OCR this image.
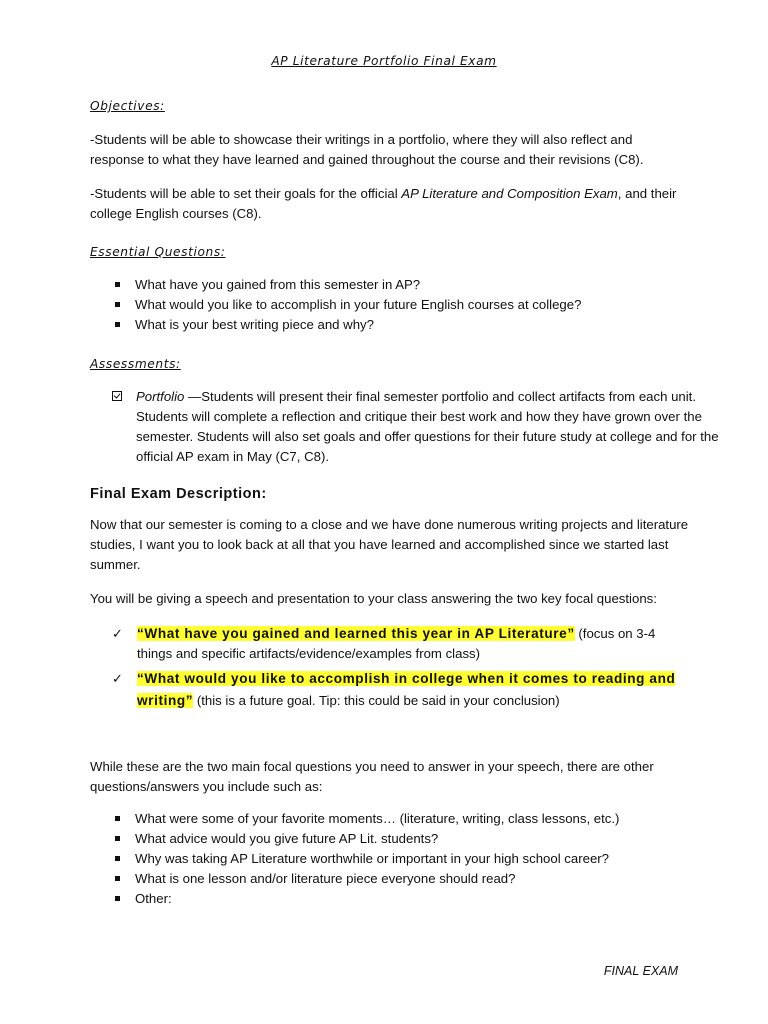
AP Literature Portfolio Final Exam
Objectives:

-Students will be able to showcase their writings in a portfolio, where they will also reflect and response to what they have learned and gained throughout the course and their revisions (C8).

-Students will be able to set their goals for the official AP Literature and Composition Exam, and their college English courses (C8).

Essential Questions:
What have you gained from this semester in AP?
What would you like to accomplish in your future English courses at college?
What is your best writing piece and why?
Assessments:
Portfolio —Students will present their final semester portfolio and collect artifacts from each unit. Students will complete a reflection and critique their best work and how they have grown over the semester. Students will also set goals and offer questions for their future study at college and for the official AP exam in May (C7, C8).
Final Exam Description:

Now that our semester is coming to a close and we have done numerous writing projects and literature studies, I want you to look back at all that you have learned and accomplished since we started last summer.

You will be giving a speech and presentation to your class answering the two key focal questions:

✓	“What have you gained and learned this year in AP Literature” (focus on 3-4 things and specific artifacts/evidence/examples from class)
✓	“What would you like to accomplish in college when it comes to reading and writing” (this is a future goal. Tip: this could be said in your conclusion)

While these are the two main focal questions you need to answer in your speech, there are other questions/answers you include such as:

What were some of your favorite moments… (literature, writing, class lessons, etc.)
What advice would you give future AP Lit. students?
Why was taking AP Literature worthwhile or important in your high school career?
What is one lesson and/or literature piece everyone should read?
Other:
FINAL EXAM
